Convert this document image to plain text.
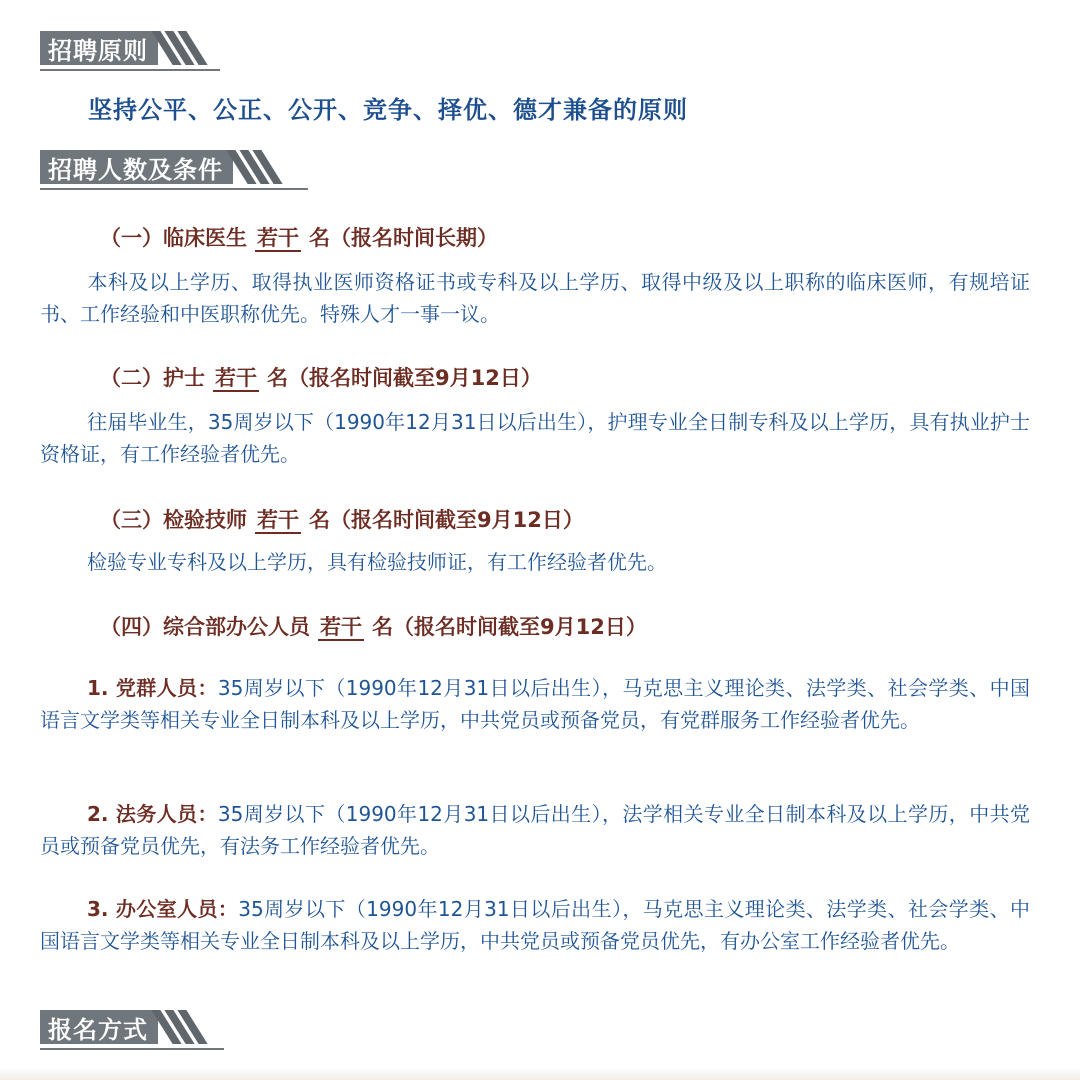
招聘原则
坚持公平、公正、公开、竞争、择优、德才兼备的原则
招聘人数及条件
（一）临床医生 若干 名（报名时间长期）
本科及以上学历、取得执业医师资格证书或专科及以上学历、取得中级及以上职称的临床医师，有规培证书、工作经验和中医职称优先。特殊人才一事一议。
（二）护士 若干 名（报名时间截至9月12日）
往届毕业生，35周岁以下（1990年12月31日以后出生），护理专业全日制专科及以上学历，具有执业护士资格证，有工作经验者优先。
（三）检验技师 若干 名（报名时间截至9月12日）
检验专业专科及以上学历，具有检验技师证，有工作经验者优先。
（四）综合部办公人员 若干 名（报名时间截至9月12日）
1. 党群人员：35周岁以下（1990年12月31日以后出生），马克思主义理论类、法学类、社会学类、中国语言文学类等相关专业全日制本科及以上学历，中共党员或预备党员，有党群服务工作经验者优先。
2. 法务人员：35周岁以下（1990年12月31日以后出生），法学相关专业全日制本科及以上学历，中共党员或预备党员优先，有法务工作经验者优先。
3. 办公室人员：35周岁以下（1990年12月31日以后出生），马克思主义理论类、法学类、社会学类、中国语言文学类等相关专业全日制本科及以上学历，中共党员或预备党员优先，有办公室工作经验者优先。
报名方式
